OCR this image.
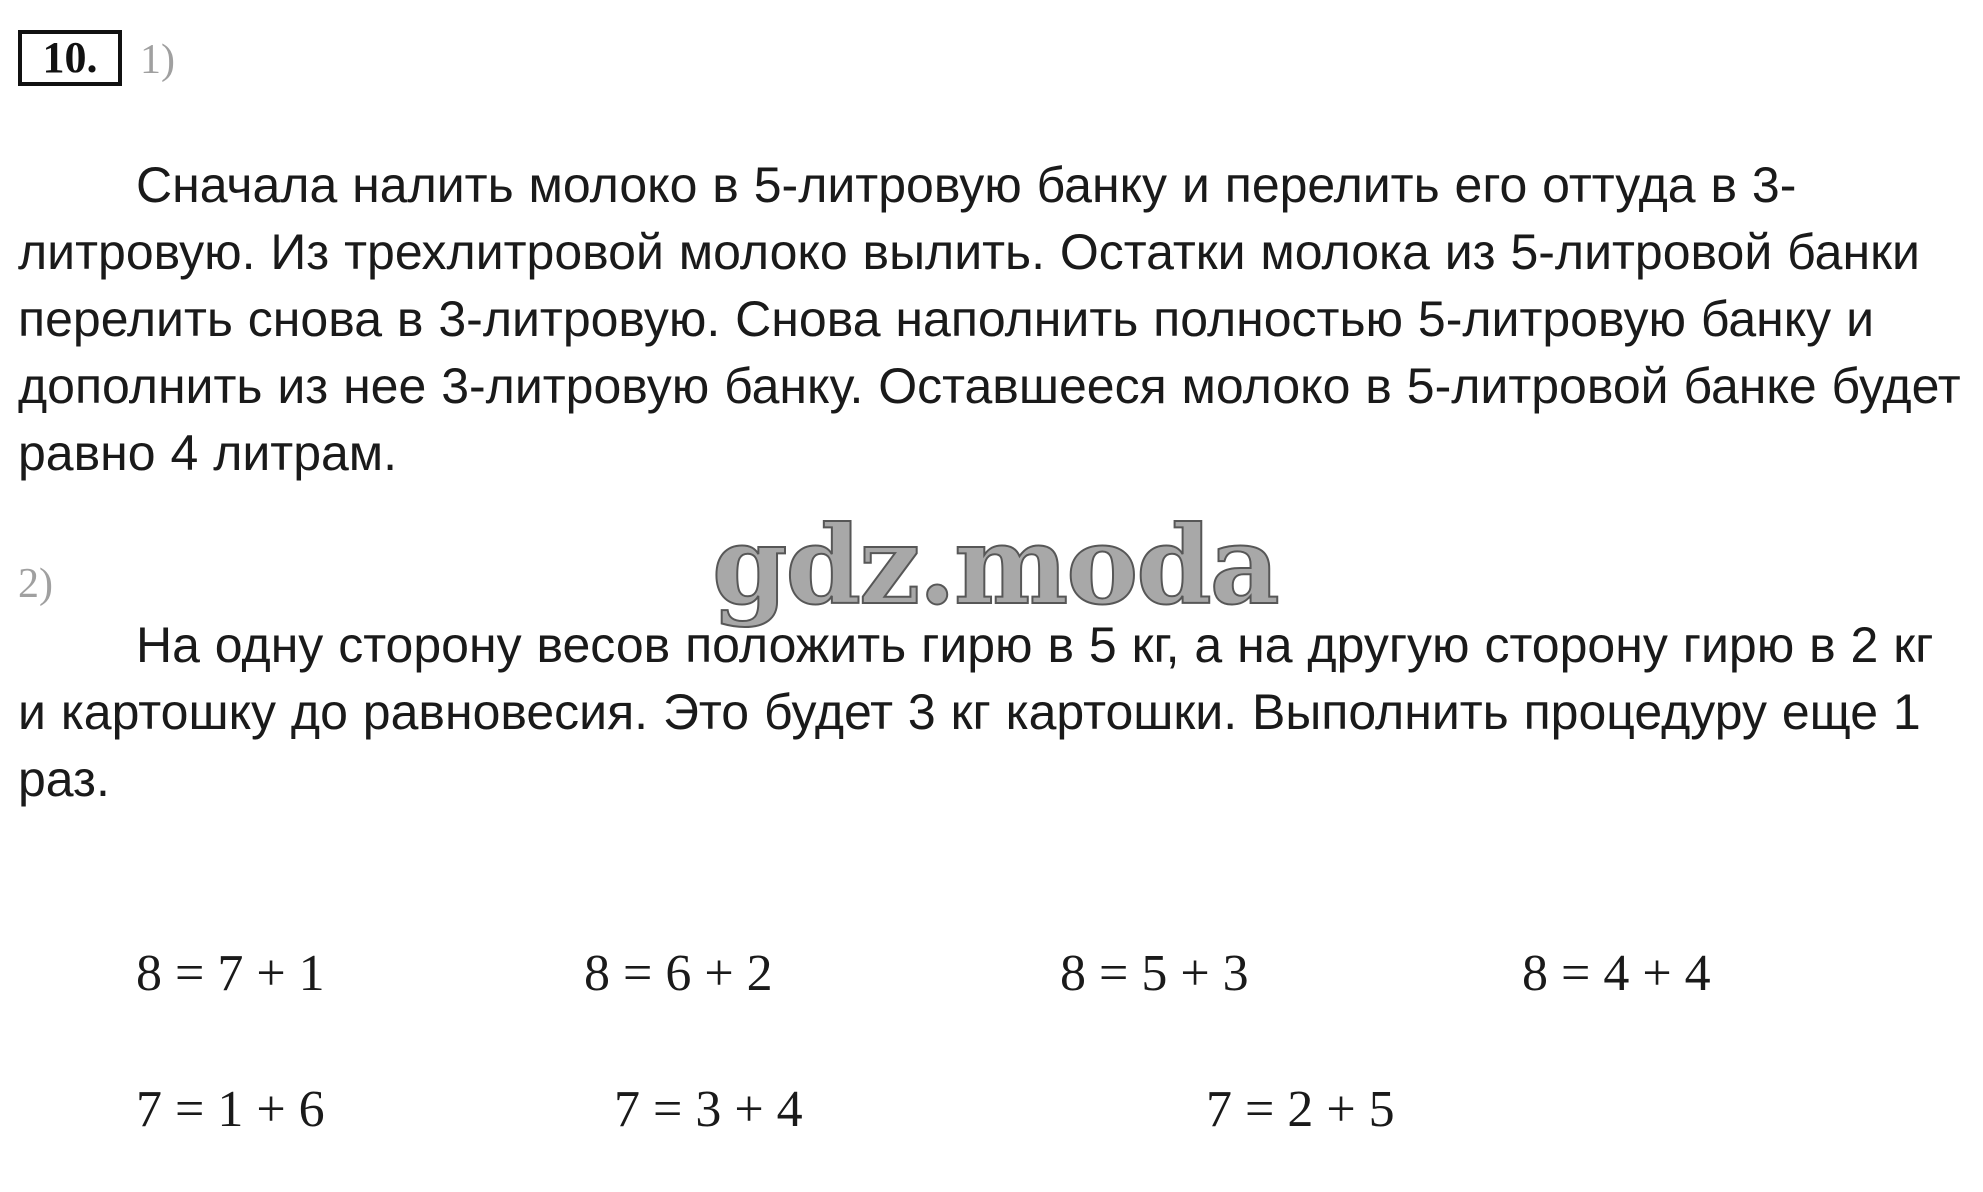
10.	1)

Сначала налить молоко в 5-литровую банку и перелить его оттуда в 3-литровую. Из трехлитровой молоко вылить. Остатки молока из 5-литровой банки перелить снова в 3-литровую. Снова наполнить полностью 5-литровую банку и дополнить из нее 3-литровую банку. Оставшееся молоко в 5-литровой банке будет равно 4 литрам.

2)

На одну сторону весов положить гирю в 5 кг, а на другую сторону гирю в 2 кг и картошку до равновесия. Это будет 3 кг картошки. Выполнить процедуру еще 1 раз.

gdz.moda
8 = 7 + 1	8 = 6 + 2	8 = 5 + 3	8 = 4 + 4
7 = 1 + 6	7 = 3 + 4	7 = 2 + 5
